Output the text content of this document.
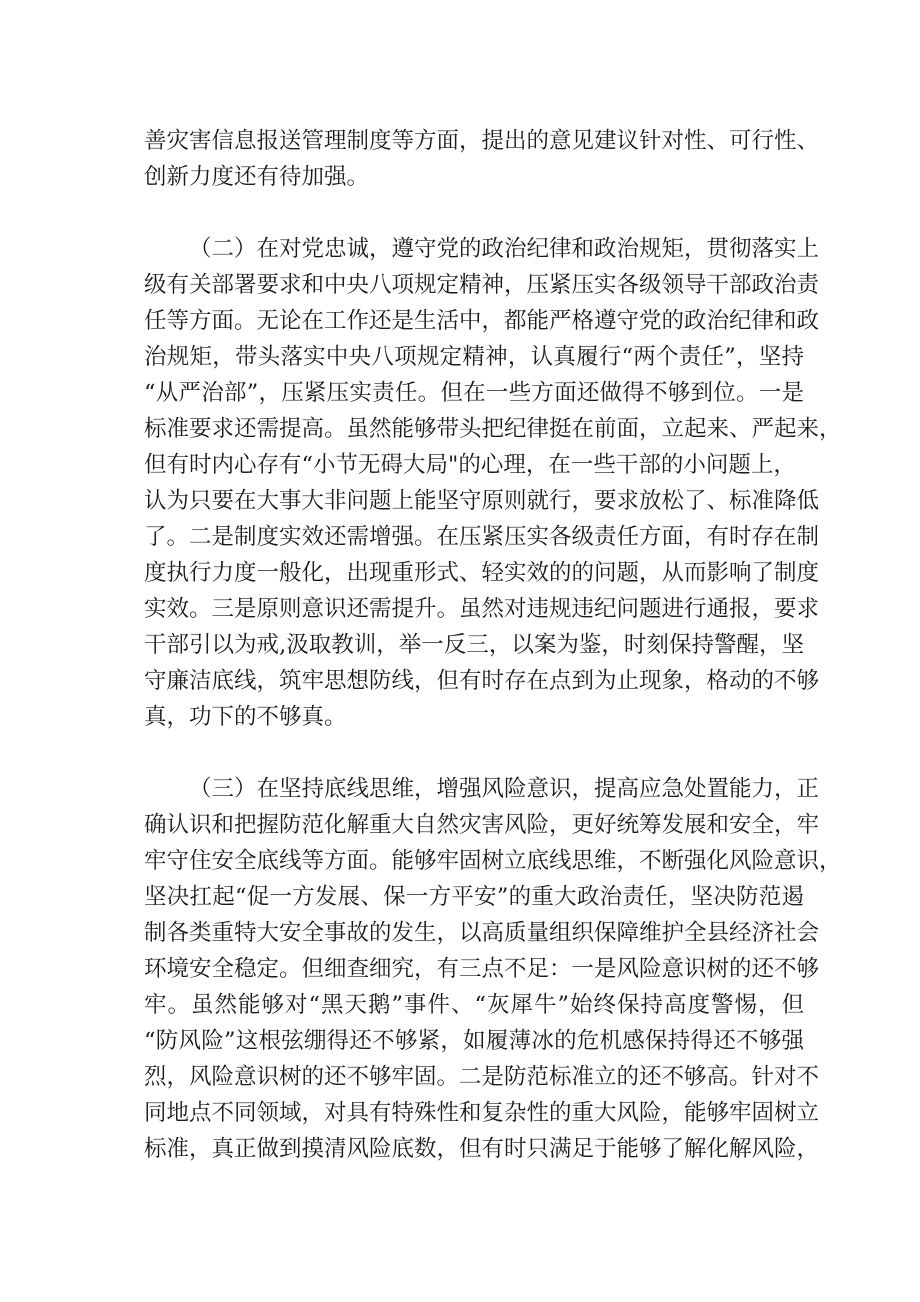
善灾害信息报送管理制度等方面，提出的意见建议针对性、可行性、

创新力度还有待加强。

（二）在对党忠诚，遵守党的政治纪律和政治规矩，贯彻落实上

级有关部署要求和中央八项规定精神，压紧压实各级领导干部政治责

任等方面。无论在工作还是生活中，都能严格遵守党的政治纪律和政

治规矩，带头落实中央八项规定精神，认真履行“两个责任”，坚持

“从严治部”，压紧压实责任。但在一些方面还做得不够到位。一是

标准要求还需提高。虽然能够带头把纪律挺在前面，立起来、严起来，

但有时内心存有“小节无碍大局"的心理，在一些干部的小问题上，

认为只要在大事大非问题上能坚守原则就行，要求放松了、标准降低

了。二是制度实效还需增强。在压紧压实各级责任方面，有时存在制

度执行力度一般化，出现重形式、轻实效的的问题，从而影响了制度

实效。三是原则意识还需提升。虽然对违规违纪问题进行通报，要求

干部引以为戒,汲取教训，举一反三，以案为鉴，时刻保持警醒，坚

守廉洁底线，筑牢思想防线，但有时存在点到为止现象，格动的不够

真，功下的不够真。

（三）在坚持底线思维，增强风险意识，提高应急处置能力，正

确认识和把握防范化解重大自然灾害风险，更好统筹发展和安全，牢

牢守住安全底线等方面。能够牢固树立底线思维，不断强化风险意识，

坚决扛起“促一方发展、保一方平安”的重大政治责任，坚决防范遏

制各类重特大安全事故的发生，以高质量组织保障维护全县经济社会

环境安全稳定。但细查细究，有三点不足：一是风险意识树的还不够

牢。虽然能够对“黑天鹅”事件、“灰犀牛”始终保持高度警惕，但

“防风险”这根弦绷得还不够紧，如履薄冰的危机感保持得还不够强

烈，风险意识树的还不够牢固。二是防范标准立的还不够高。针对不

同地点不同领域，对具有特殊性和复杂性的重大风险，能够牢固树立

标准，真正做到摸清风险底数，但有时只满足于能够了解化解风险，
